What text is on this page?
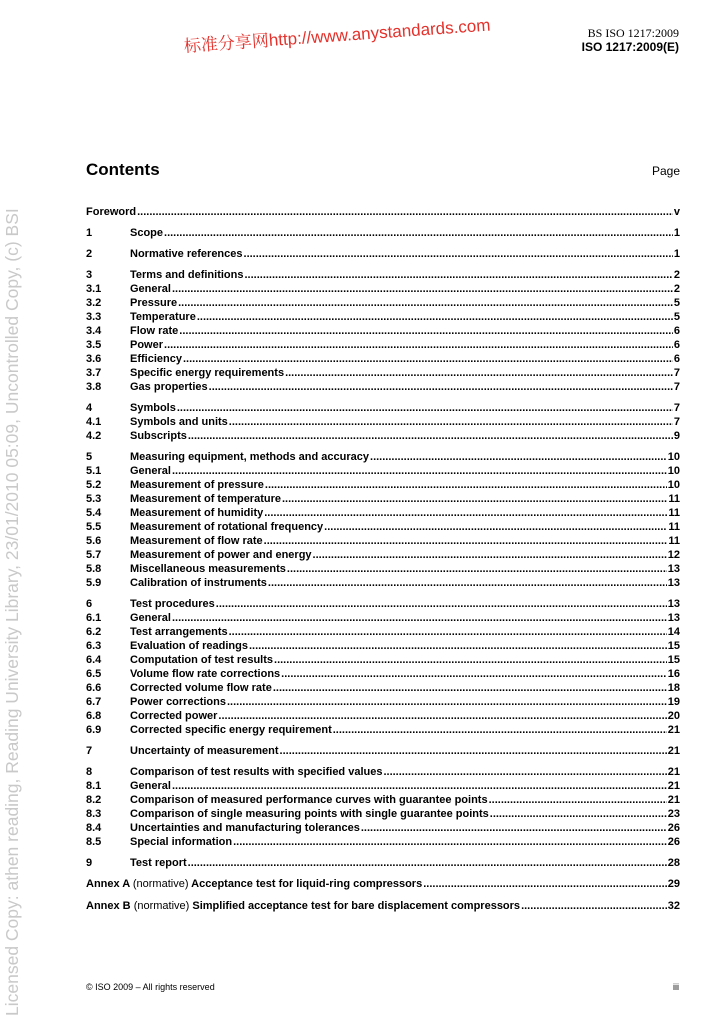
BS ISO 1217:2009
ISO 1217:2009(E)
标准分享网http://www.anystandards.com
Licensed Copy: athen reading, Reading University Library, 23/01/2010 05:09, Uncontrolled Copy, (c) BSI
Contents	Page
Foreword .....	v
1	Scope .....	1
2	Normative references .....	1
3	Terms and definitions .....	2
3.1	General .....	2
3.2	Pressure .....	5
3.3	Temperature .....	5
3.4	Flow rate .....	6
3.5	Power .....	6
3.6	Efficiency .....	6
3.7	Specific energy requirements .....	7
3.8	Gas properties .....	7
4	Symbols .....	7
4.1	Symbols and units .....	7
4.2	Subscripts .....	9
5	Measuring equipment, methods and accuracy .....	10
5.1	General .....	10
5.2	Measurement of pressure .....	10
5.3	Measurement of temperature .....	11
5.4	Measurement of humidity .....	11
5.5	Measurement of rotational frequency .....	11
5.6	Measurement of flow rate .....	11
5.7	Measurement of power and energy .....	12
5.8	Miscellaneous measurements .....	13
5.9	Calibration of instruments .....	13
6	Test procedures .....	13
6.1	General .....	13
6.2	Test arrangements .....	14
6.3	Evaluation of readings .....	15
6.4	Computation of test results .....	15
6.5	Volume flow rate corrections .....	16
6.6	Corrected volume flow rate .....	18
6.7	Power corrections .....	19
6.8	Corrected power .....	20
6.9	Corrected specific energy requirement .....	21
7	Uncertainty of measurement .....	21
8	Comparison of test results with specified values .....	21
8.1	General .....	21
8.2	Comparison of measured performance curves with guarantee points .....	21
8.3	Comparison of single measuring points with single guarantee points .....	23
8.4	Uncertainties and manufacturing tolerances .....	26
8.5	Special information .....	26
9	Test report .....	28
Annex A (normative) Acceptance test for liquid-ring compressors .....	29
Annex B (normative) Simplified acceptance test for bare displacement compressors .....	32
© ISO 2009 – All rights reserved	iii
